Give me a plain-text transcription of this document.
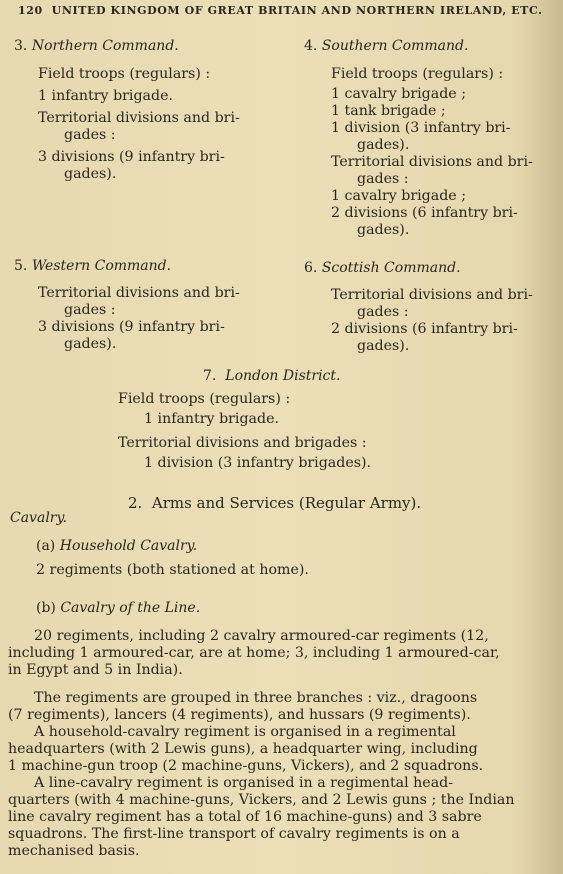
120 UNITED KINGDOM OF GREAT BRITAIN AND NORTHERN IRELAND, ETC.
3. Northern Command.
Field troops (regulars) :
1 infantry brigade.
Territorial divisions and bri-
gades :
3 divisions (9 infantry bri-
gades).
4. Southern Command.
Field troops (regulars) :
1 cavalry brigade ;
1 tank brigade ;
1 division (3 infantry bri-
gades).
Territorial divisions and bri-
gades :
1 cavalry brigade ;
2 divisions (6 infantry bri-
gades).
5. Western Command.
Territorial divisions and bri-
gades :
3 divisions (9 infantry bri-
gades).
6. Scottish Command.
Territorial divisions and bri-
gades :
2 divisions (6 infantry bri-
gades).
7. London District.
Field troops (regulars) :
1 infantry brigade.
Territorial divisions and brigades :
1 division (3 infantry brigades).
2. Arms and Services (Regular Army).
Cavalry.
(a) Household Cavalry.
2 regiments (both stationed at home).
(b) Cavalry of the Line.
20 regiments, including 2 cavalry armoured-car regiments (12,
including 1 armoured-car, are at home; 3, including 1 armoured-car,
in Egypt and 5 in India).
The regiments are grouped in three branches : viz., dragoons
(7 regiments), lancers (4 regiments), and hussars (9 regiments).
A household-cavalry regiment is organised in a regimental
headquarters (with 2 Lewis guns), a headquarter wing, including
1 machine-gun troop (2 machine-guns, Vickers), and 2 squadrons.
A line-cavalry regiment is organised in a regimental head-
quarters (with 4 machine-guns, Vickers, and 2 Lewis guns ; the Indian
line cavalry regiment has a total of 16 machine-guns) and 3 sabre
squadrons. The first-line transport of cavalry regiments is on a
mechanised basis.
